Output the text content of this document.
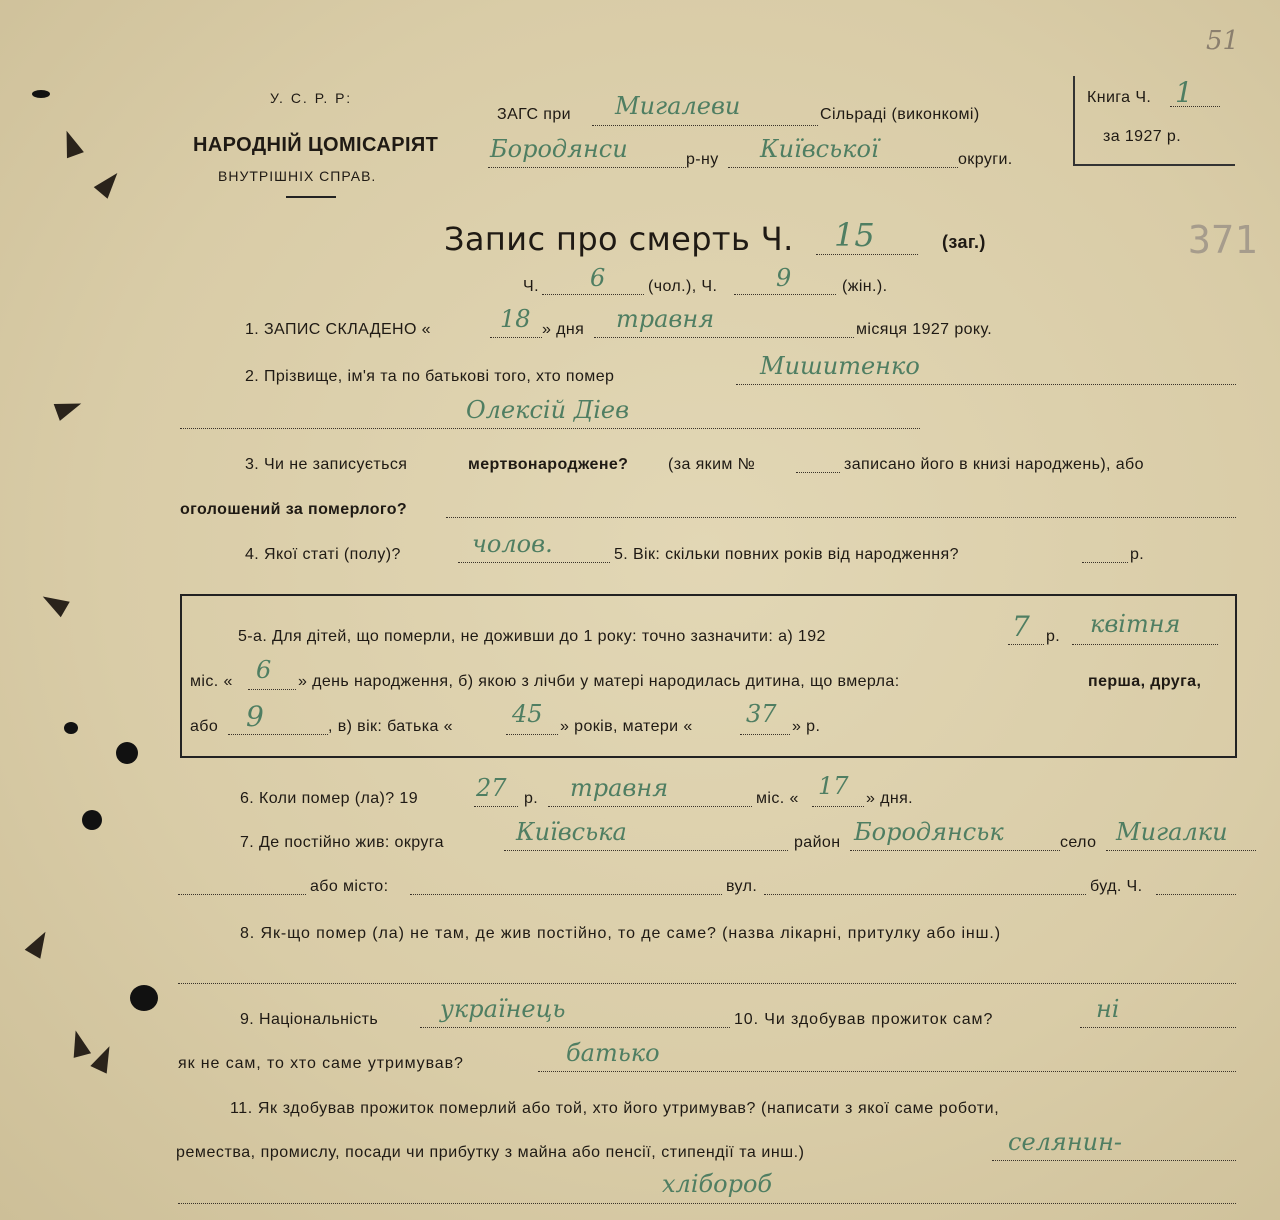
У. С. Р. Р:
НАРОДНІЙ ЦОМІСАРІЯТ
ВНУТРІШНІХ СПРАВ.
ЗАГС при Мигалеви	Сільраді (виконкомі)
Бородянси	р-ну Київської	округи.
Книга Ч. 1
за 1927 р.
51
371
Запис про смерть Ч. 15	(заг.)
Ч. 6	(чол.), Ч. 9	(жін.).
1. ЗАПИС СКЛАДЕНО «	18 » дня травня	місяця 1927 року.
2. Прізвище, ім'я та по батькові того, хто помер	Мишитенко
Олексій Діев
3. Чи не записується	мертвонароджене? (за яким №	записано його в книзі народжень), або
оголошений за померлого?
4. Якої статі (полу)?	чолов.	5. Вік: скільки повних років від народження?	р.
5-а. Для дітей, що померли, не доживши до 1 року: точно зазначити: а) 192	7 р. квітня
міс. « 6 » день народження, б) якою з лічби у матері народилась дитина, що вмерла:	перша, друга,
або 9	, в) вік: батька « 45 » років, матери « 37 » р.
6. Коли помер (ла)? 19 27 р. травня	міс. « 17 » дня.
7. Де постійно жив: округа	Київська	район Бородянськ	село Мигалки
або місто:	вул.	буд. Ч.
8. Як-що помер (ла) не там, де жив постійно, то де саме? (назва лікарні, притулку або інш.)
9. Національність	українець	10. Чи здобував прожиток сам?	ні
як не сам, то хто саме утримував?	батько
11. Як здобував прожиток померлий або той, хто його утримував? (написати з якої саме роботи,
ремества, промислу, посади чи прибутку з майна або пенсії, стипендії та инш.)	селянин-
хлібороб
